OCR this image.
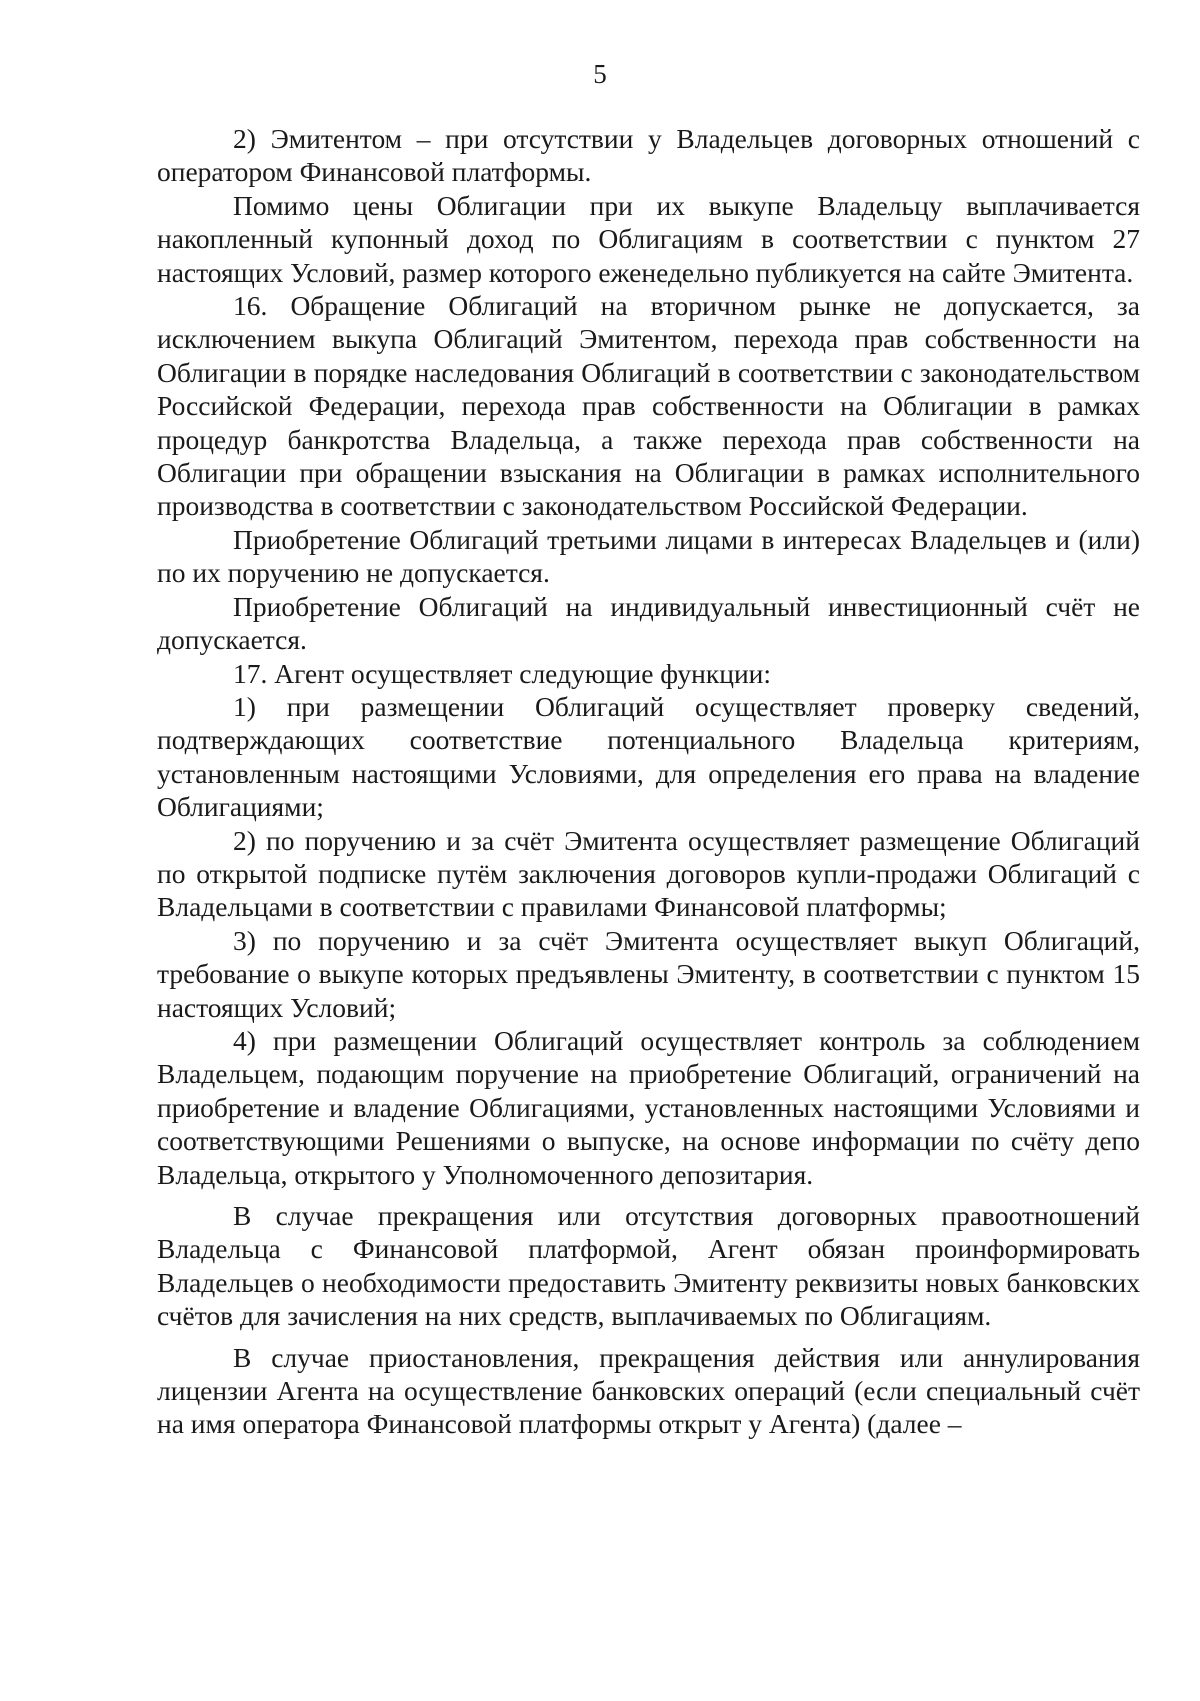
5

2) Эмитентом – при отсутствии у Владельцев договорных отношений с оператором Финансовой платформы.

Помимо цены Облигации при их выкупе Владельцу выплачивается накопленный купонный доход по Облигациям в соответствии с пунктом 27 настоящих Условий, размер которого еженедельно публикуется на сайте Эмитента.

16. Обращение Облигаций на вторичном рынке не допускается, за исключением выкупа Облигаций Эмитентом, перехода прав собственности на Облигации в порядке наследования Облигаций в соответствии с законодательством Российской Федерации, перехода прав собственности на Облигации в рамках процедур банкротства Владельца, а также перехода прав собственности на Облигации при обращении взыскания на Облигации в рамках исполнительного производства в соответствии с законодательством Российской Федерации.

Приобретение Облигаций третьими лицами в интересах Владельцев и (или) по их поручению не допускается.

Приобретение Облигаций на индивидуальный инвестиционный счёт не допускается.

17. Агент осуществляет следующие функции:

1) при размещении Облигаций осуществляет проверку сведений, подтверждающих соответствие потенциального Владельца критериям, установленным настоящими Условиями, для определения его права на владение Облигациями;

2) по поручению и за счёт Эмитента осуществляет размещение Облигаций по открытой подписке путём заключения договоров купли-продажи Облигаций с Владельцами в соответствии с правилами Финансовой платформы;

3) по поручению и за счёт Эмитента осуществляет выкуп Облигаций, требование о выкупе которых предъявлены Эмитенту, в соответствии с пунктом 15 настоящих Условий;

4) при размещении Облигаций осуществляет контроль за соблюдением Владельцем, подающим поручение на приобретение Облигаций, ограничений на приобретение и владение Облигациями, установленных настоящими Условиями и соответствующими Решениями о выпуске, на основе информации по счёту депо Владельца, открытого у Уполномоченного депозитария.

В случае прекращения или отсутствия договорных правоотношений Владельца с Финансовой платформой, Агент обязан проинформировать Владельцев о необходимости предоставить Эмитенту реквизиты новых банковских счётов для зачисления на них средств, выплачиваемых по Облигациям.

В случае приостановления, прекращения действия или аннулирования лицензии Агента на осуществление банковских операций (если специальный счёт на имя оператора Финансовой платформы открыт у Агента) (далее –
